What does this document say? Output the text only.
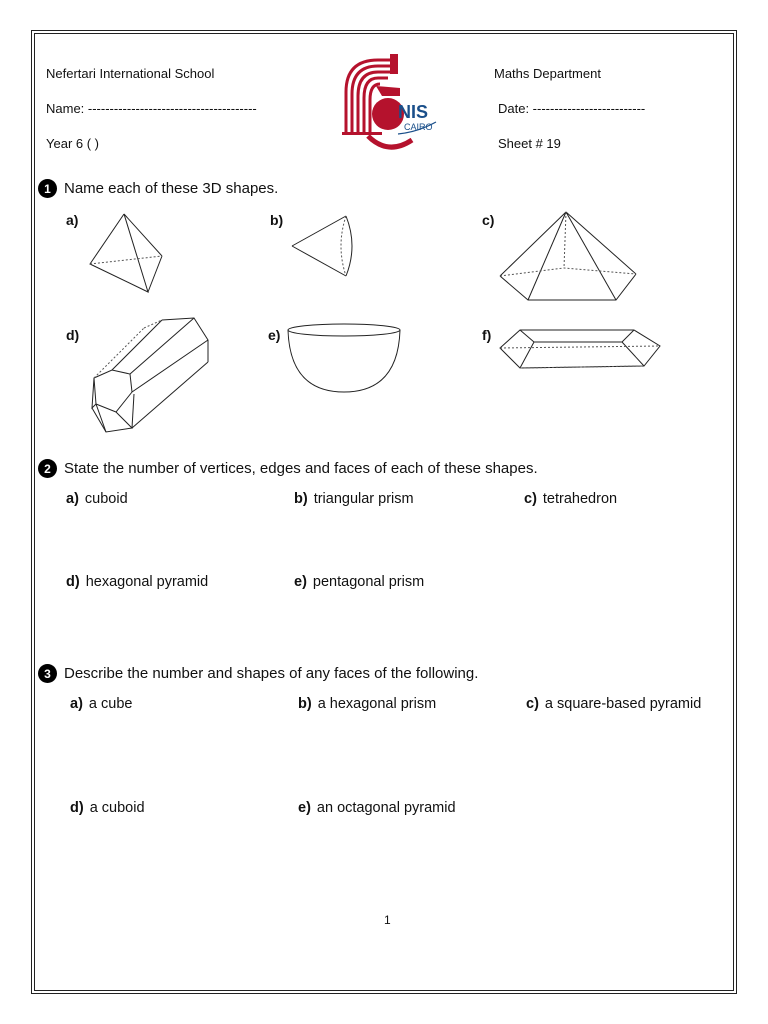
Nefertari International School
Name: ---------------------------------------
Year 6 ( )
Maths Department
Date: --------------------------
Sheet # 19
NIS
CAIRO
1 Name each of these 3D shapes.
a)	b)	c)
d)	e)	f)
2 State the number of vertices, edges and faces of each of these shapes.
a) cuboid	b) triangular prism	c) tetrahedron
d) hexagonal pyramid	e) pentagonal prism
3 Describe the number and shapes of any faces of the following.
a) a cube	b) a hexagonal prism	c) a square-based pyramid
d) a cuboid	e) an octagonal pyramid
1
